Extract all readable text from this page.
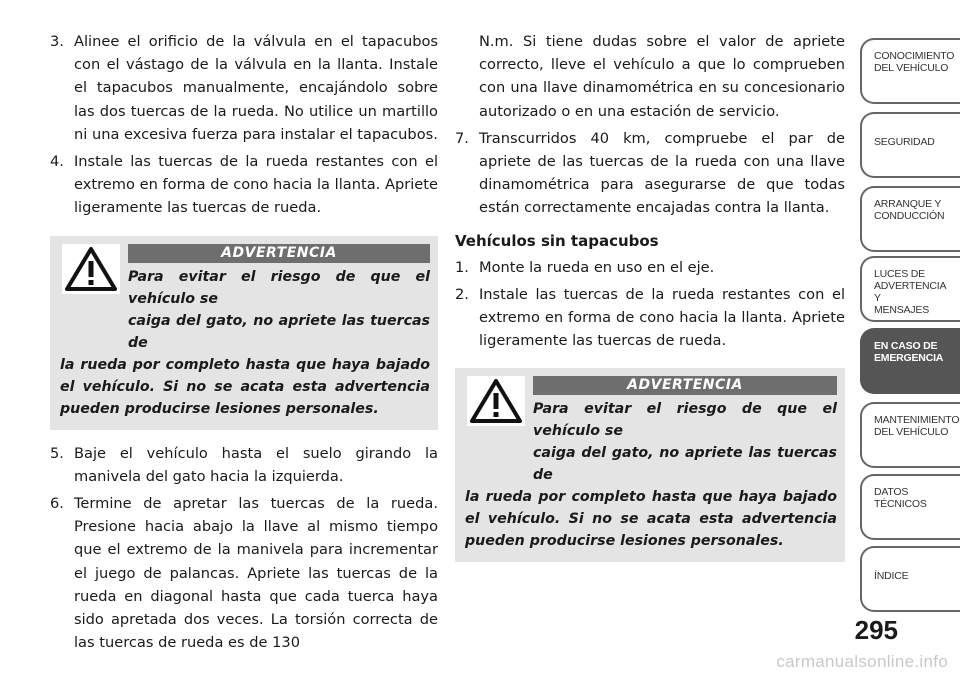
3. Alinee el orificio de la válvula en el tapacubos con el vástago de la válvula en la llanta. Instale el tapacubos manualmente, encajándolo sobre las dos tuercas de la rueda. No utilice un martillo ni una excesiva fuerza para instalar el tapacubos.
4. Instale las tuercas de la rueda restantes con el extremo en forma de cono hacia la llanta. Apriete ligeramente las tuercas de rueda.
ADVERTENCIA
Para evitar el riesgo de que el vehículo se
caiga del gato, no apriete las tuercas de
la rueda por completo hasta que haya bajado el vehículo. Si no se acata esta advertencia pueden producirse lesiones personales.
5. Baje el vehículo hasta el suelo girando la manivela del gato hacia la izquierda.
6. Termine de apretar las tuercas de la rueda. Presione hacia abajo la llave al mismo tiempo que el extremo de la manivela para incrementar el juego de palancas. Apriete las tuercas de la rueda en diagonal hasta que cada tuerca haya sido apretada dos veces. La torsión correcta de las tuercas de rueda es de 130
N.m. Si tiene dudas sobre el valor de apriete correcto, lleve el vehículo a que lo comprueben con una llave dinamométrica en su concesionario autorizado o en una estación de servicio.
7. Transcurridos 40 km, compruebe el par de apriete de las tuercas de la rueda con una llave dinamométrica para asegurarse de que todas están correctamente encajadas contra la llanta.
Vehículos sin tapacubos
1. Monte la rueda en uso en el eje.
2. Instale las tuercas de la rueda restantes con el extremo en forma de cono hacia la llanta. Apriete ligeramente las tuercas de rueda.
ADVERTENCIA
Para evitar el riesgo de que el vehículo se
caiga del gato, no apriete las tuercas de
la rueda por completo hasta que haya bajado el vehículo. Si no se acata esta advertencia pueden producirse lesiones personales.
CONOCIMIENTO
DEL VEHÍCULO
SEGURIDAD
ARRANQUE Y
CONDUCCIÓN
LUCES DE
ADVERTENCIA Y
MENSAJES
EN CASO DE
EMERGENCIA
MANTENIMIENTO
DEL VEHÍCULO
DATOS
TÉCNICOS
ÍNDICE
295
carmanualsonline.info
